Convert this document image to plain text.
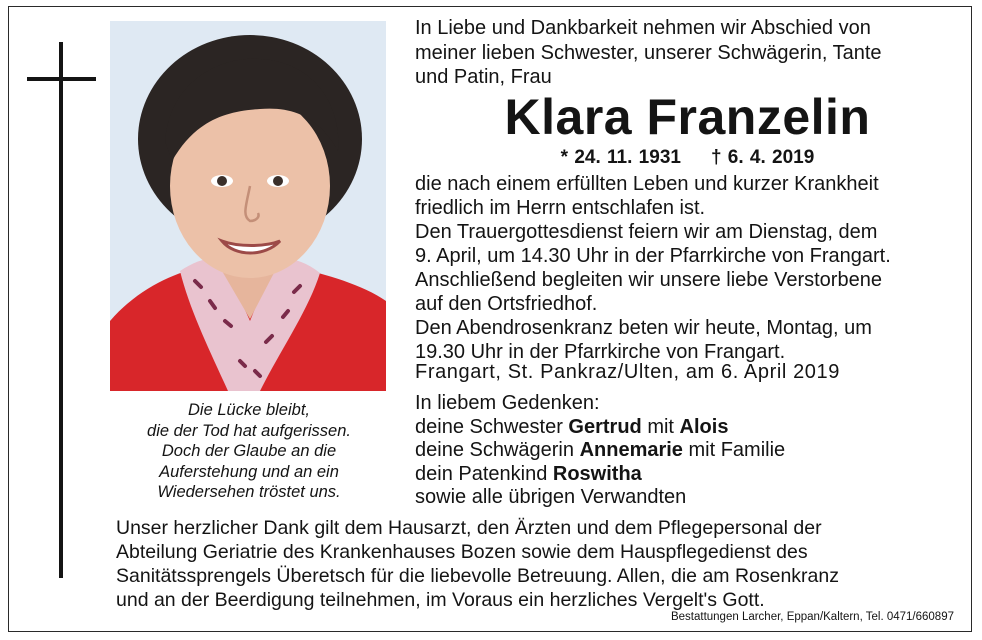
Die Lücke bleibt,
die der Tod hat aufgerissen.
Doch der Glaube an die
Auferstehung und an ein
Wiedersehen tröstet uns.
In Liebe und Dankbarkeit nehmen wir Abschied von
meiner lieben Schwester, unserer Schwägerin, Tante
und Patin, Frau
Klara Franzelin
* 24. 11. 1931 † 6. 4. 2019
die nach einem erfüllten Leben und kurzer Krankheit
friedlich im Herrn entschlafen ist.
Den Trauergottesdienst feiern wir am Dienstag, dem
9. April, um 14.30 Uhr in der Pfarrkirche von Frangart.
Anschließend begleiten wir unsere liebe Verstorbene
auf den Ortsfriedhof.
Den Abendrosenkranz beten wir heute, Montag, um
19.30 Uhr in der Pfarrkirche von Frangart.
Frangart, St. Pankraz/Ulten, am 6. April 2019
In liebem Gedenken:
deine Schwester Gertrud mit Alois
deine Schwägerin Annemarie mit Familie
dein Patenkind Roswitha
sowie alle übrigen Verwandten
Unser herzlicher Dank gilt dem Hausarzt, den Ärzten und dem Pflegepersonal der
Abteilung Geriatrie des Krankenhauses Bozen sowie dem Hauspflegedienst des
Sanitätssprengels Überetsch für die liebevolle Betreuung. Allen, die am Rosenkranz
und an der Beerdigung teilnehmen, im Voraus ein herzliches Vergelt's Gott.
Bestattungen Larcher, Eppan/Kaltern, Tel. 0471/660897
